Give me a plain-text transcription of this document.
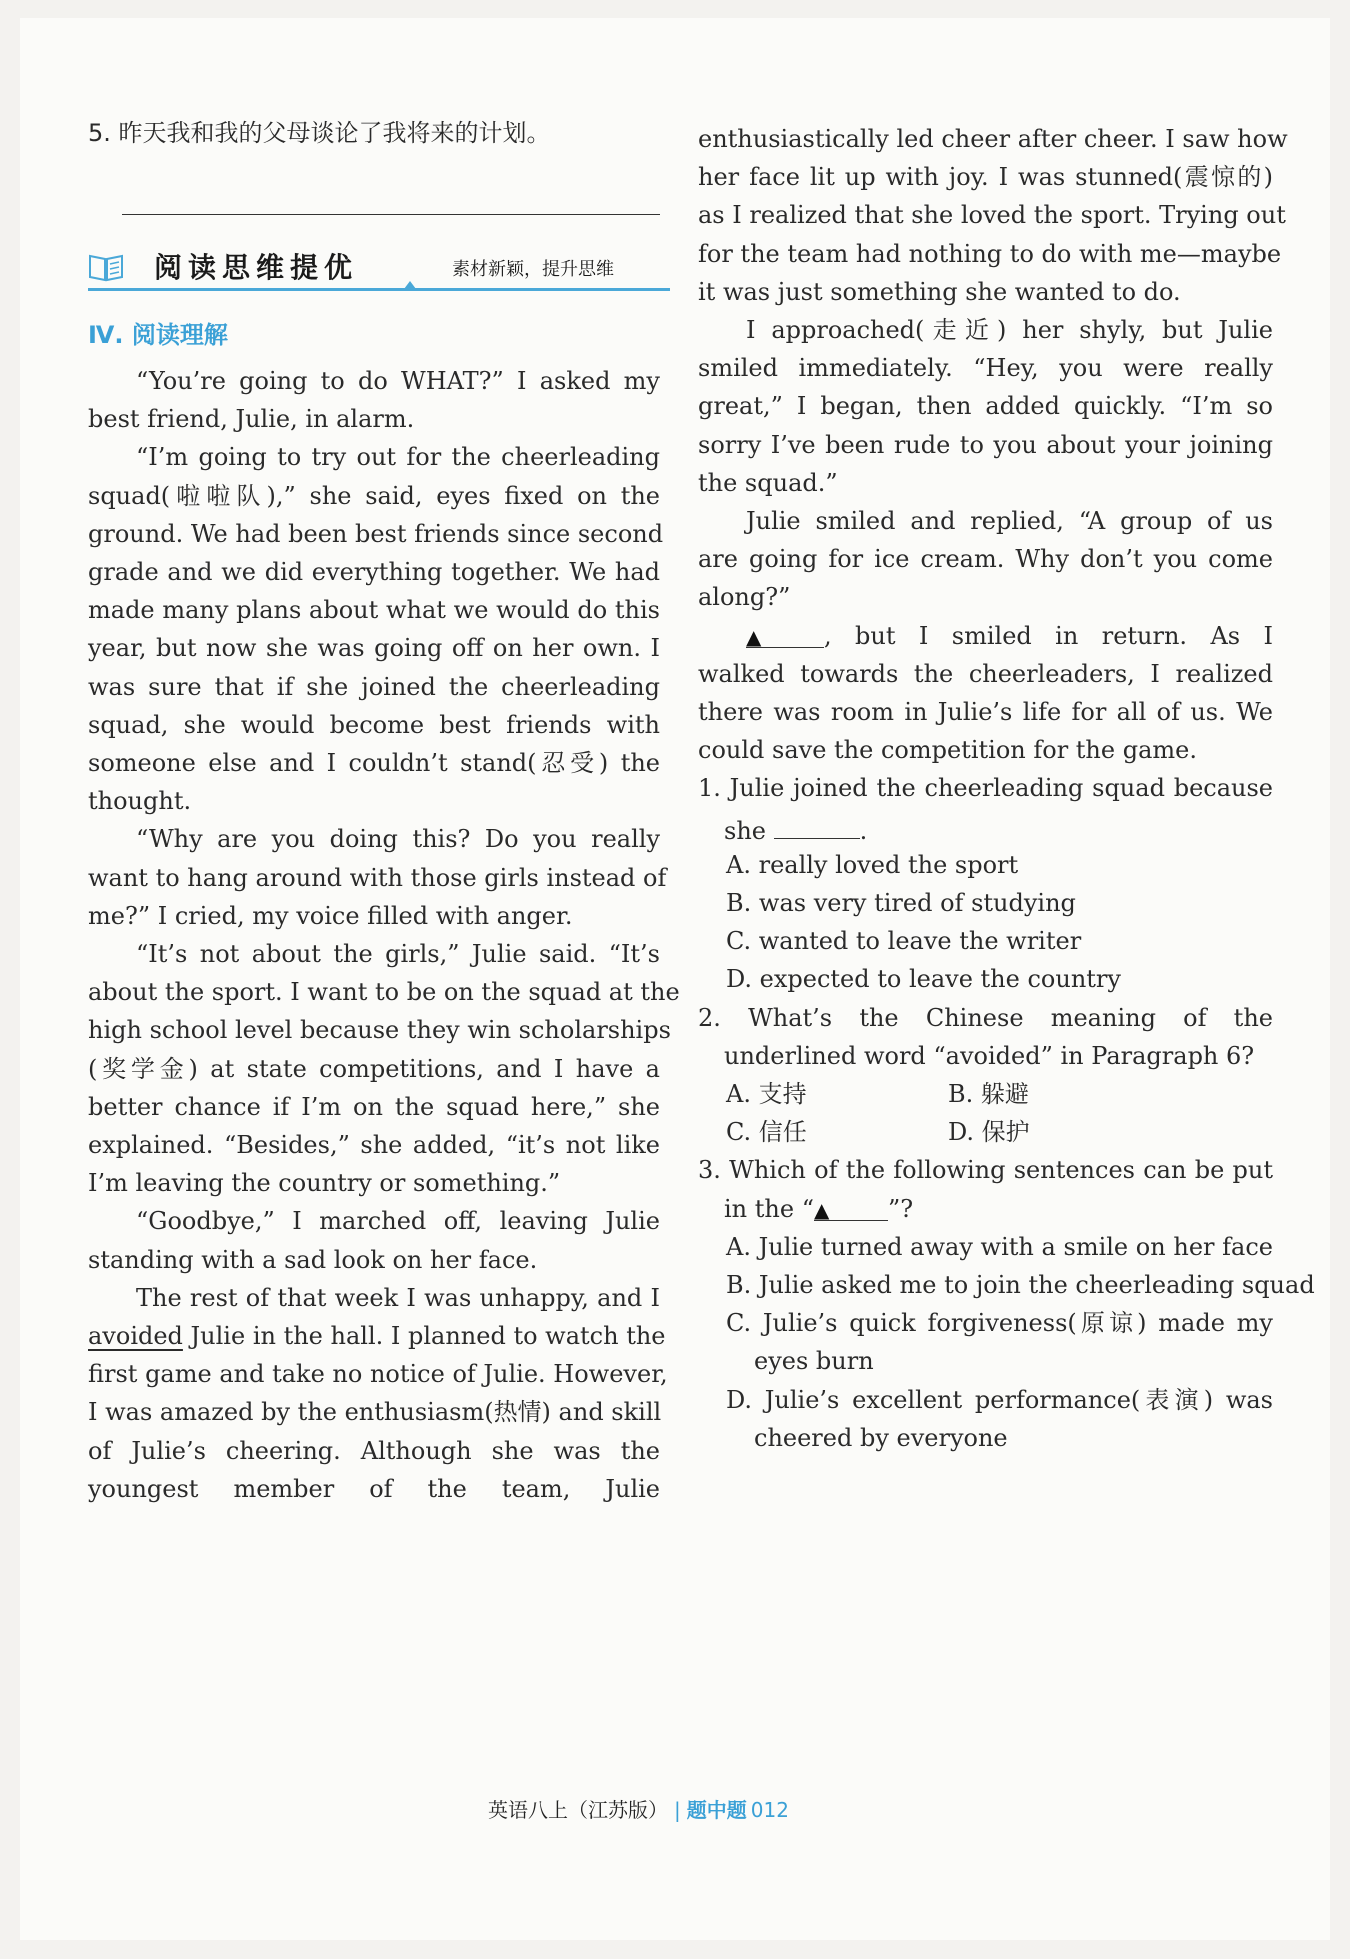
5. 昨天我和我的父母谈论了我将来的计划。
阅读思维提优	素材新颖，提升思维
Ⅳ. 阅读理解
“You’re going to do WHAT?” I asked my
best friend, Julie, in alarm.
“I’m going to try out for the cheerleading
squad(啦啦队),” she said, eyes fixed on the
ground. We had been best friends since second
grade and we did everything together. We had
made many plans about what we would do this
year, but now she was going off on her own. I
was sure that if she joined the cheerleading
squad, she would become best friends with
someone else and I couldn’t stand(忍受) the
thought.
“Why are you doing this? Do you really
want to hang around with those girls instead of
me?” I cried, my voice filled with anger.
“It’s not about the girls,” Julie said. “It’s
about the sport. I want to be on the squad at the
high school level because they win scholarships
(奖学金) at state competitions, and I have a
better chance if I’m on the squad here,” she
explained. “Besides,” she added, “it’s not like
I’m leaving the country or something.”
“Goodbye,” I marched off, leaving Julie
standing with a sad look on her face.
The rest of that week I was unhappy, and I
avoided Julie in the hall. I planned to watch the
first game and take no notice of Julie. However,
I was amazed by the enthusiasm(热情) and skill
of Julie’s cheering. Although she was the
youngest member of the team, Julie
enthusiastically led cheer after cheer. I saw how
her face lit up with joy. I was stunned(震惊的)
as I realized that she loved the sport. Trying out
for the team had nothing to do with me—maybe
it was just something she wanted to do.
I approached(走近) her shyly, but Julie
smiled immediately. “Hey, you were really
great,” I began, then added quickly. “I’m so
sorry I’ve been rude to you about your joining
the squad.”
Julie smiled and replied, “A group of us
are going for ice cream. Why don’t you come
along?”
▲	, but I smiled in return. As I
walked towards the cheerleaders, I realized
there was room in Julie’s life for all of us. We
could save the competition for the game.
1. Julie joined the cheerleading squad because
she	.
A. really loved the sport
B. was very tired of studying
C. wanted to leave the writer
D. expected to leave the country
2. What’s the Chinese meaning of the
underlined word “avoided” in Paragraph 6?
A. 支持	B. 躲避
C. 信任	D. 保护
3. Which of the following sentences can be put
in the “▲ ”?
A. Julie turned away with a smile on her face
B. Julie asked me to join the cheerleading squad
C. Julie’s quick forgiveness(原谅) made my
eyes burn
D. Julie’s excellent performance(表演) was
cheered by everyone
英语八上（江苏版） | 题中题 012
